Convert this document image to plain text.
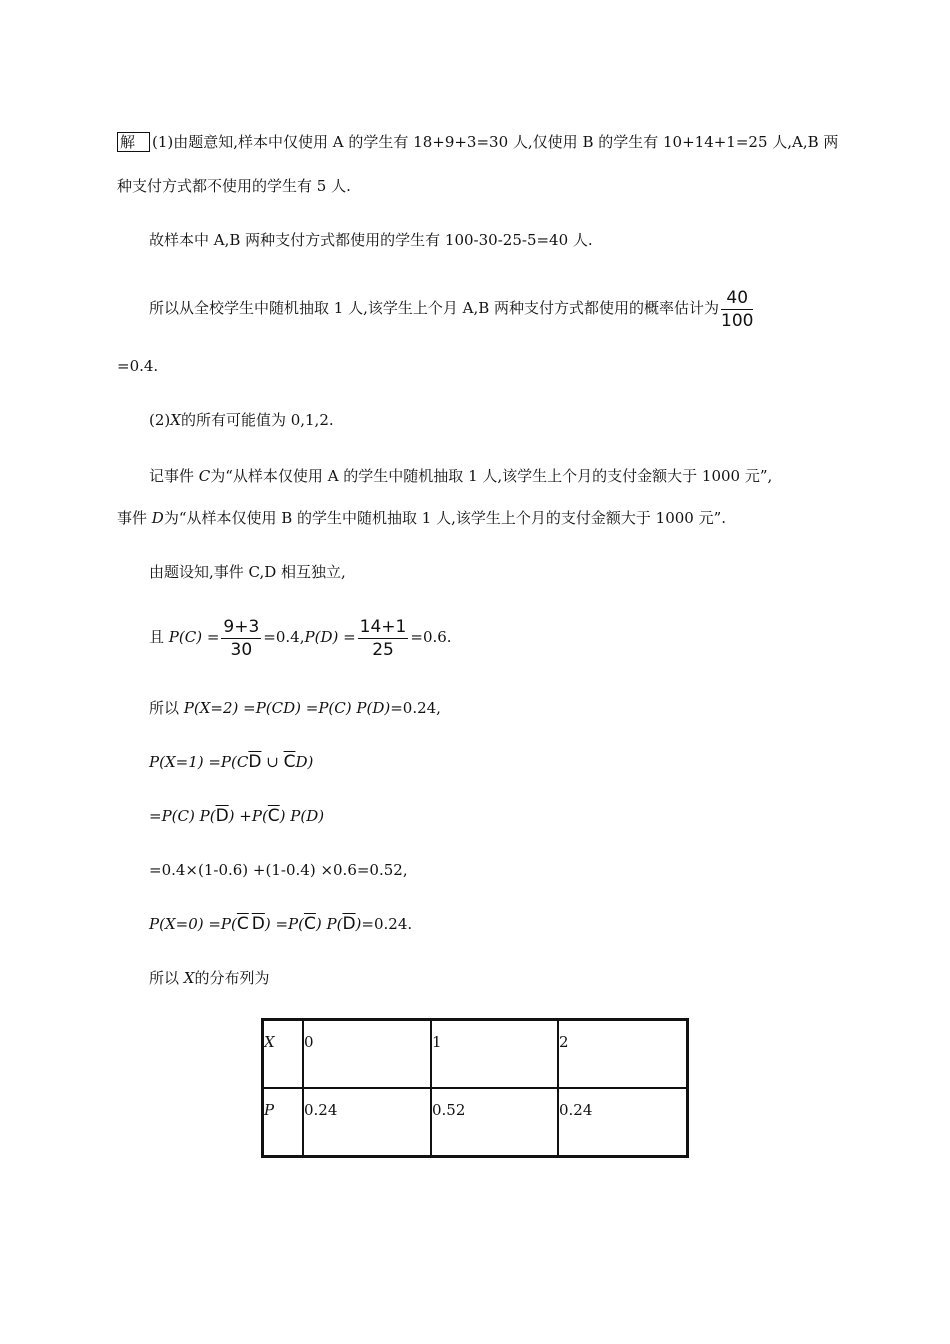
解 (1)由题意知,样本中仅使用 A 的学生有 18+9+3=30 人,仅使用 B 的学生有 10+14+1=25 人,A,B 两
种支付方式都不使用的学生有 5 人.
故样本中 A,B 两种支付方式都使用的学生有 100-30-25-5=40 人.
所以从全校学生中随机抽取 1 人,该学生上个月 A,B 两种支付方式都使用的概率估计为 $\frac{40}{100}$
=0.4.
(2)X的所有可能值为 0,1,2.
记事件 C为“从样本仅使用 A 的学生中随机抽取 1 人,该学生上个月的支付金额大于 1000 元”,
事件 D为“从样本仅使用 B 的学生中随机抽取 1 人,该学生上个月的支付金额大于 1000 元”.
由题设知,事件 C,D 相互独立,
且 $P(C) = \frac{9+3}{30} =0.4,P(D) = \frac{14+1}{25} =0.6$.
所以 P(X=2) =P(CD) =P(C) P(D)=0.24,
$P(X=1) =P(C\overline{D}$ ∪ $\overline{C}D$)
=P(C) $P(\overline{D}) +P(\overline{C})$ P(D)
=0.4×(1-0.6) +(1-0.4) ×0.6=0.52,
$P(X=0) =P(\overline{C}$ $\overline{D}) =P(\overline{C})$ $P(\overline{D})=0.24$.
所以 X的分布列为
X	0	1	2
P	0.24	0.52	0.24
